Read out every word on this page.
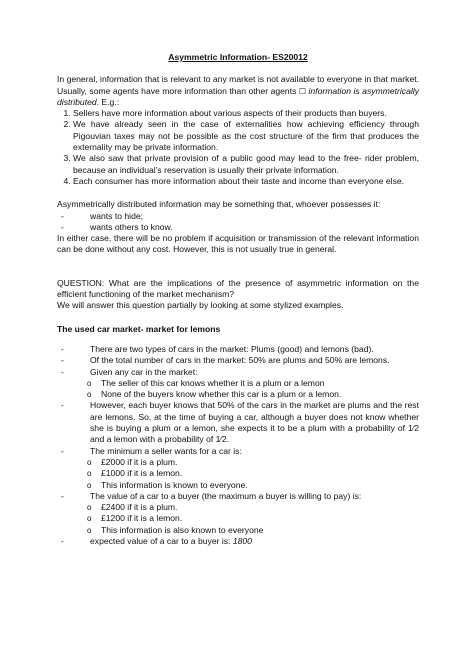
Asymmetric Information- ES20012

In general, information that is relevant to any market is not available to everyone in that market. Usually, some agents have more information than other agents ☐ information is asymmetrically distributed. E.g.:

1. Sellers have more information about various aspects of their products than buyers.
2. We have already seen in the case of externalities how achieving efficiency through Pigouvian taxes may not be possible as the cost structure of the firm that produces the externality may be private information.
3. We also saw that private provision of a public good may lead to the free- rider problem, because an individual’s reservation is usually their private information.
4. Each consumer has more information about their taste and income than everyone else.

Asymmetrically distributed information may be something that, whoever possesses it:

- wants to hide;
- wants others to know.

In either case, there will be no problem if acquisition or transmission of the relevant information can be done without any cost. However, this is not usually true in general.

QUESTION: What are the implications of the presence of asymmetric information on the efficient functioning of the market mechanism?

We will answer this question partially by looking at some stylized examples.

The used car market- market for lemons

- There are two types of cars in the market: Plums (good) and lemons (bad).
- Of the total number of cars in the market: 50% are plums and 50% are lemons.
- Given any car in the market:
o The seller of this car knows whether it is a plum or a lemon
o None of the buyers know whether this car is a plum or a lemon.
- However, each buyer knows that 50% of the cars in the market are plums and the rest are lemons. So, at the time of buying a car, although a buyer does not know whether she is buying a plum or a lemon, she expects it to be a plum with a probability of 1⁄2 and a lemon with a probability of 1⁄2.
- The minimum a seller wants for a car is:
o £2000 if it is a plum.
o £1000 if it is a lemon.
o This information is known to everyone.
- The value of a car to a buyer (the maximum a buyer is willing to pay) is:
o £2400 if it is a plum.
o £1200 if it is a lemon.
o This information is also known to everyone
- expected value of a car to a buyer is: 1800
